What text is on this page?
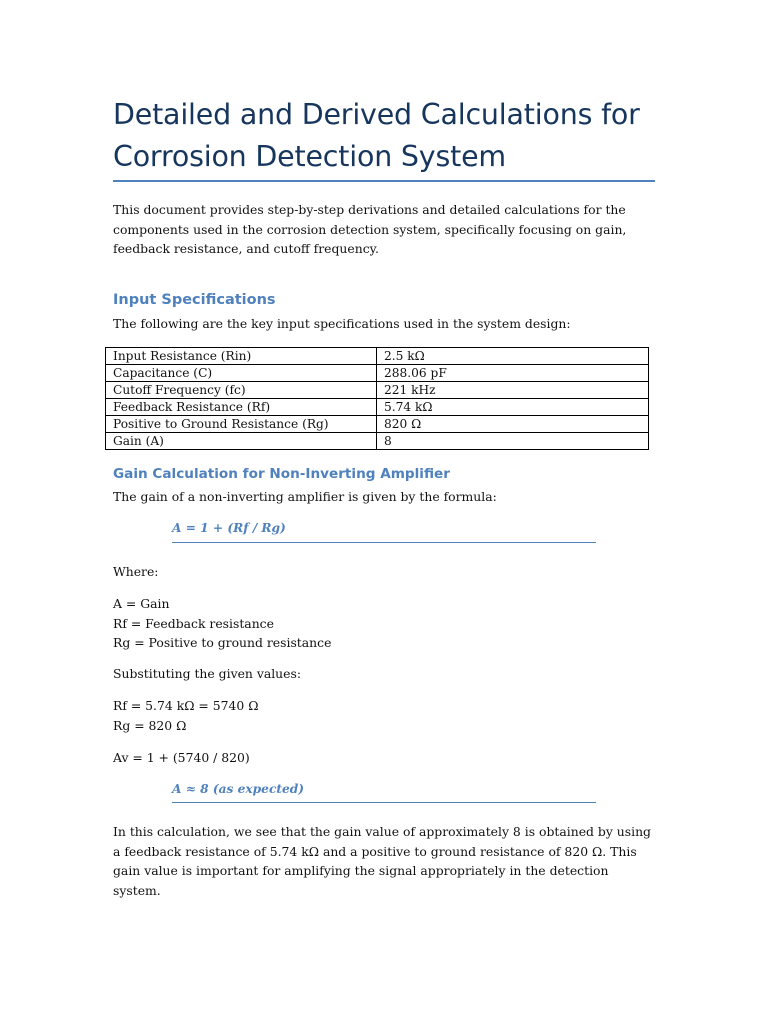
Detailed and Derived Calculations for Corrosion Detection System

This document provides step-by-step derivations and detailed calculations for the components used in the corrosion detection system, specifically focusing on gain, feedback resistance, and cutoff frequency.

Input Specifications

The following are the key input specifications used in the system design:

Input Resistance (Rin)	2.5 kΩ
Capacitance (C)	288.06 pF
Cutoff Frequency (fc)	221 kHz
Feedback Resistance (Rf)	5.74 kΩ
Positive to Ground Resistance (Rg)	820 Ω
Gain (A)	8
Gain Calculation for Non-Inverting Amplifier

The gain of a non-inverting amplifier is given by the formula:

A = 1 + (Rf / Rg)

Where:

A = Gain
Rf = Feedback resistance
Rg = Positive to ground resistance

Substituting the given values:

Rf = 5.74 kΩ = 5740 Ω
Rg = 820 Ω

Av = 1 + (5740 / 820)

A ≈ 8 (as expected)

In this calculation, we see that the gain value of approximately 8 is obtained by using a feedback resistance of 5.74 kΩ and a positive to ground resistance of 820 Ω. This gain value is important for amplifying the signal appropriately in the detection system.
